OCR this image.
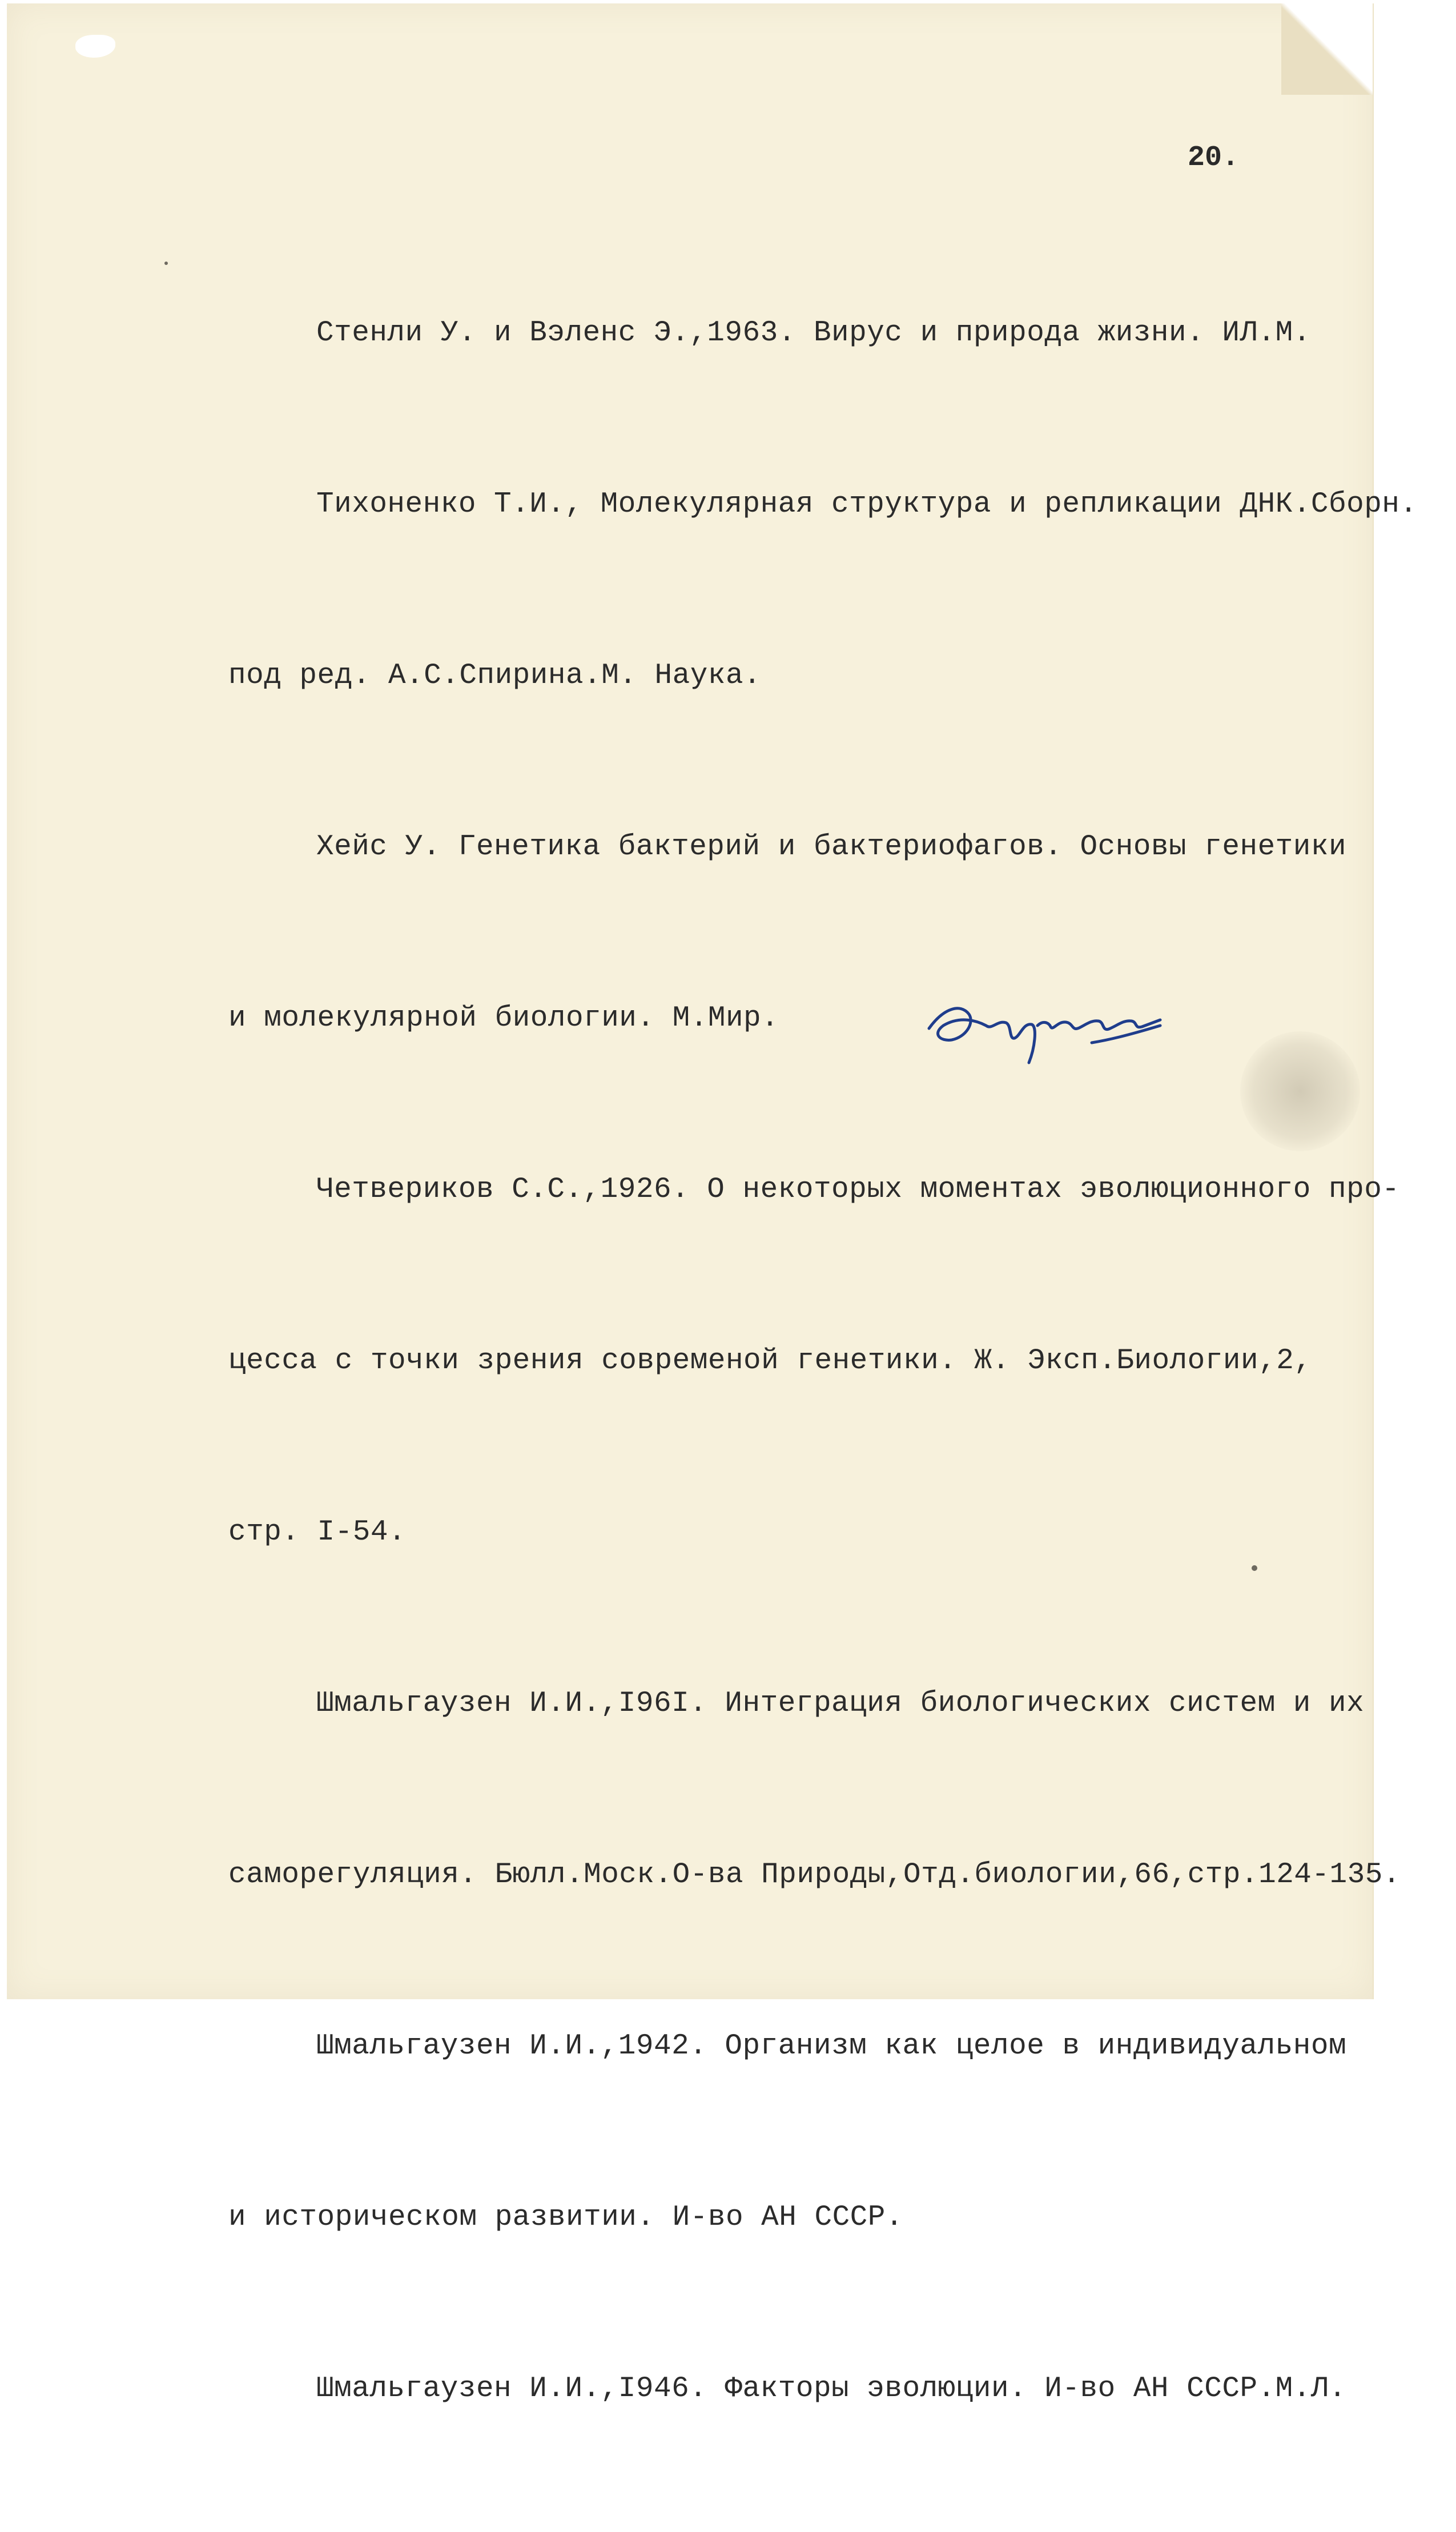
20.

Стенли У. и Вэленс Э.,1963. Вирус и природа жизни. ИЛ.М.

Тихоненко Т.И., Молекулярная структура и репликации ДНК.Сборн.

под ред. А.С.Спирина.М. Наука.

Хейс У. Генетика бактерий и бактериофагов. Основы генетики

и молекулярной биологии. М.Мир.

Четвериков С.С.,1926. О некоторых моментах эволюционного про-

цесса с точки зрения современой генетики. Ж. Эксп.Биологии,2,

стр. I-54.

Шмальгаузен И.И.,I96I. Интеграция биологических систем и их

саморегуляция. Бюлл.Моск.О-ва Природы,Отд.биологии,66,стр.124-135.

Шмальгаузен И.И.,1942. Организм как целое в индивидуальном

и историческом развитии. И-во АН СССР.

Шмальгаузен И.И.,I946. Факторы эволюции. И-во АН СССР.М.Л.
